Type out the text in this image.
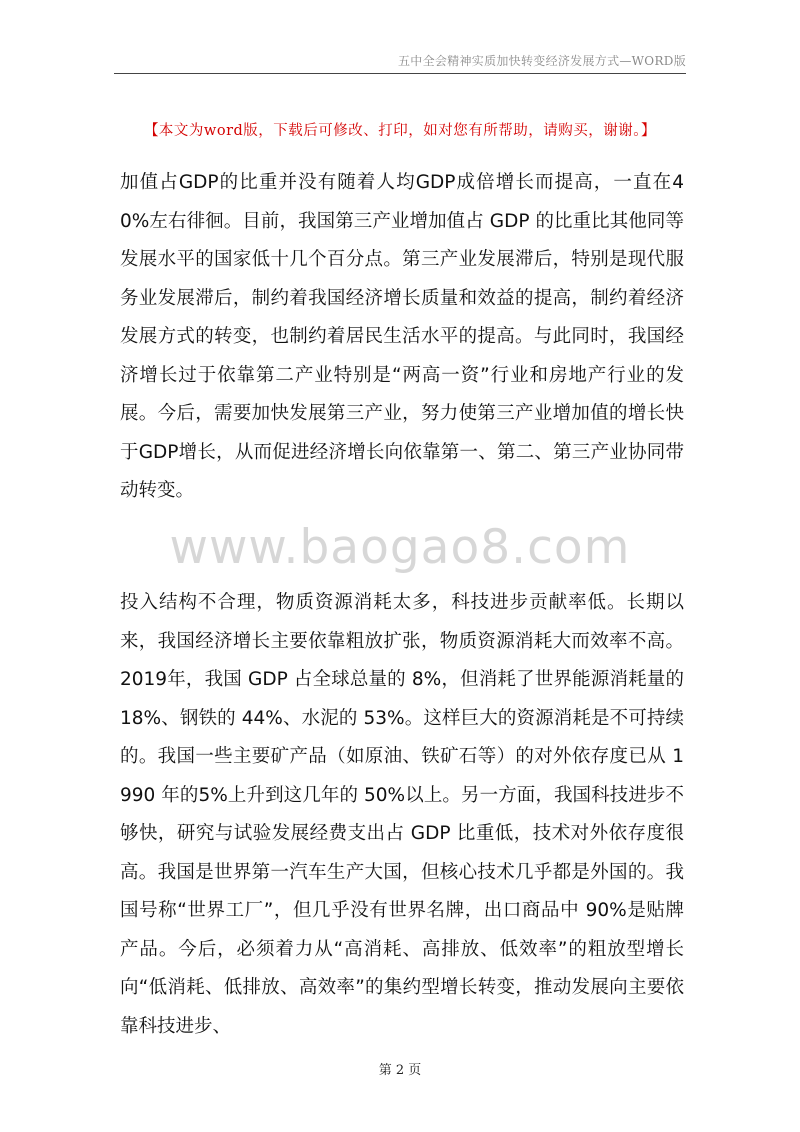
五中全会精神实质加快转变经济发展方式—WORD版
【本文为word版，下载后可修改、打印，如对您有所帮助，请购买，谢谢。】
加值占GDP的比重并没有随着人均GDP成倍增长而提高，一直在40%左右徘徊。目前，我国第三产业增加值占 GDP 的比重比其他同等发展水平的国家低十几个百分点。第三产业发展滞后，特别是现代服务业发展滞后，制约着我国经济增长质量和效益的提高，制约着经济发展方式的转变，也制约着居民生活水平的提高。与此同时，我国经济增长过于依靠第二产业特别是“两高一资”行业和房地产行业的发展。今后，需要加快发展第三产业，努力使第三产业增加值的增长快于GDP增长，从而促进经济增长向依靠第一、第二、第三产业协同带动转变。
www.baogao8.com
投入结构不合理，物质资源消耗太多，科技进步贡献率低。长期以来，我国经济增长主要依靠粗放扩张，物质资源消耗大而效率不高。2019年，我国 GDP 占全球总量的 8%，但消耗了世界能源消耗量的 18%、钢铁的 44%、水泥的 53%。这样巨大的资源消耗是不可持续的。我国一些主要矿产品（如原油、铁矿石等）的对外依存度已从 1990 年的5%上升到这几年的 50%以上。另一方面，我国科技进步不够快，研究与试验发展经费支出占 GDP 比重低，技术对外依存度很高。我国是世界第一汽车生产大国，但核心技术几乎都是外国的。我国号称“世界工厂”，但几乎没有世界名牌，出口商品中 90%是贴牌产品。今后，必须着力从“高消耗、高排放、低效率”的粗放型增长向“低消耗、低排放、高效率”的集约型增长转变，推动发展向主要依靠科技进步、
第 2 页
